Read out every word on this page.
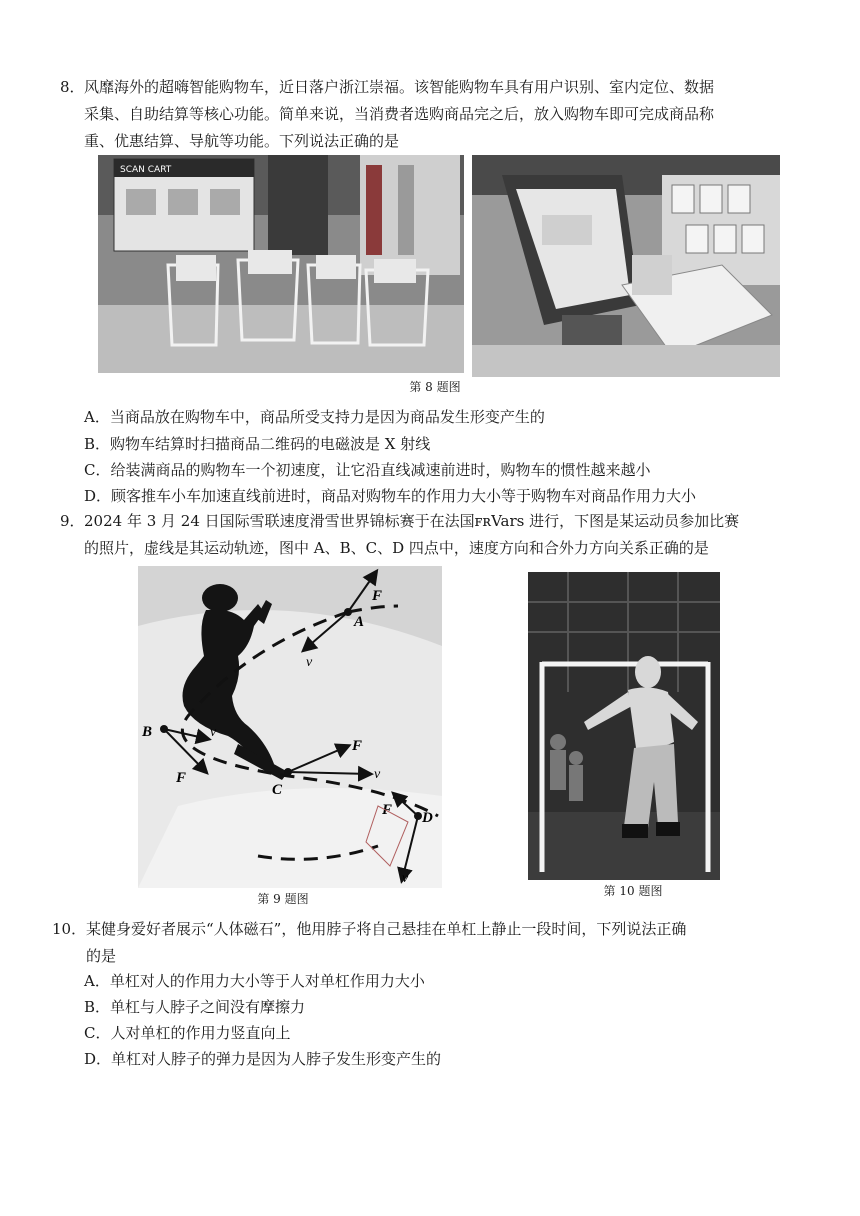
8．风靡海外的超嗨智能购物车，近日落户浙江崇福。该智能购物车具有用户识别、室内定位、数据
采集、自助结算等核心功能。简单来说，当消费者选购商品完之后，放入购物车即可完成商品称
重、优惠结算、导航等功能。下列说法正确的是
SCAN CART
第 8 题图
A．当商品放在购物车中，商品所受支持力是因为商品发生形变产生的
B．购物车结算时扫描商品二维码的电磁波是 X 射线
C．给装满商品的购物车一个初速度，让它沿直线减速前进时，购物车的惯性越来越小
D．顾客推车小车加速直线前进时，商品对购物车的作用力大小等于购物车对商品作用力大小
9．2024 年 3 月 24 日国际雪联速度滑雪世界锦标赛于在法国ꜰʀVars 进行，下图是某运动员参加比赛
的照片，虚线是其运动轨迹，图中 A、B、C、D 四点中，速度方向和合外力方向关系正确的是
F
A
v
B	v
F
C
F
v
F D
v
第 9 题图
第 10 题图
10．某健身爱好者展示“人体磁石”，他用脖子将自己悬挂在单杠上静止一段时间，下列说法正确
的是
A．单杠对人的作用力大小等于人对单杠作用力大小
B．单杠与人脖子之间没有摩擦力
C．人对单杠的作用力竖直向上
D．单杠对人脖子的弹力是因为人脖子发生形变产生的
